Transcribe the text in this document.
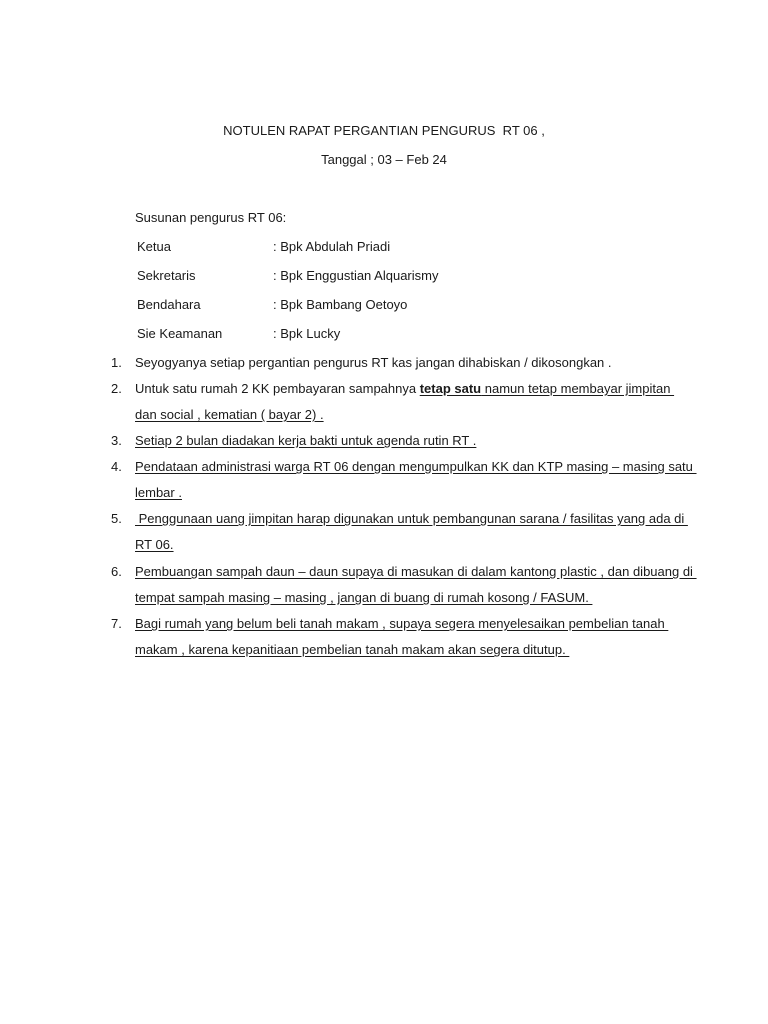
NOTULEN RAPAT PERGANTIAN PENGURUS  RT 06 ,
Tanggal ; 03 – Feb 24
Susunan pengurus RT 06:
Ketua	: Bpk Abdulah Priadi
Sekretaris	: Bpk Enggustian Alquarismy
Bendahara	: Bpk Bambang Oetoyo
Sie Keamanan	: Bpk Lucky
1. Seyogyanya setiap pergantian pengurus RT kas jangan dihabiskan / dikosongkan .
2. Untuk satu rumah 2 KK pembayaran sampahnya tetap satu namun tetap membayar jimpitan
dan social , kematian ( bayar 2) .
3. Setiap 2 bulan diadakan kerja bakti untuk agenda rutin RT .
4. Pendataan administrasi warga RT 06 dengan mengumpulkan KK dan KTP masing – masing satu
lembar .
5. Penggunaan uang jimpitan harap digunakan untuk pembangunan sarana / fasilitas yang ada di
RT 06.
6. Pembuangan sampah daun – daun supaya di masukan di dalam kantong plastic , dan dibuang di
tempat sampah masing – masing , jangan di buang di rumah kosong / FASUM.
7. Bagi rumah yang belum beli tanah makam , supaya segera menyelesaikan pembelian tanah
makam , karena kepanitiaan pembelian tanah makam akan segera ditutup.
